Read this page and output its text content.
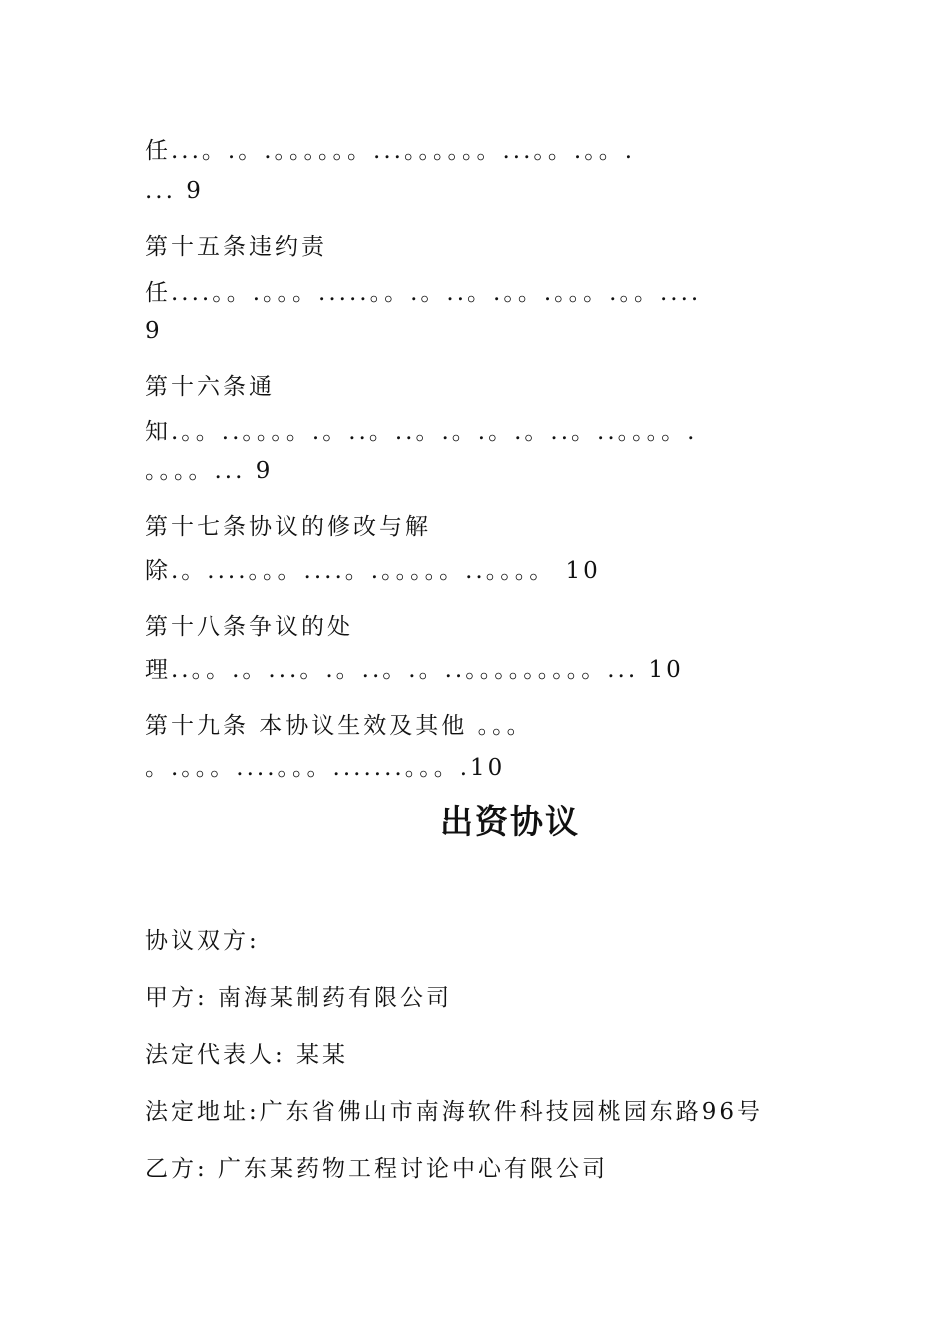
任...。.。.。。。。。。...。。。。。。...。。.。。.
... 9
第十五条违约责
任....。。.。。。.....。。.。..。.。。.。。。.。。....
9
第十六条通
知.。。..。。。。.。..。..。.。.。.。..。..。。。。.
。。。。... 9
第十七条协议的修改与解
除.。....。。。....。.。。。。。..。。。。 10
第十八条争议的处
理..。。.。...。.。..。.。..。。。。。。。。。... 10
第十九条 本协议生效及其他 。。。
。.。。。....。。。.......。。。.10
出资协议
协议双方:
甲方: 南海某制药有限公司
法定代表人: 某某
法定地址:广东省佛山市南海软件科技园桃园东路96号
乙方: 广东某药物工程讨论中心有限公司
